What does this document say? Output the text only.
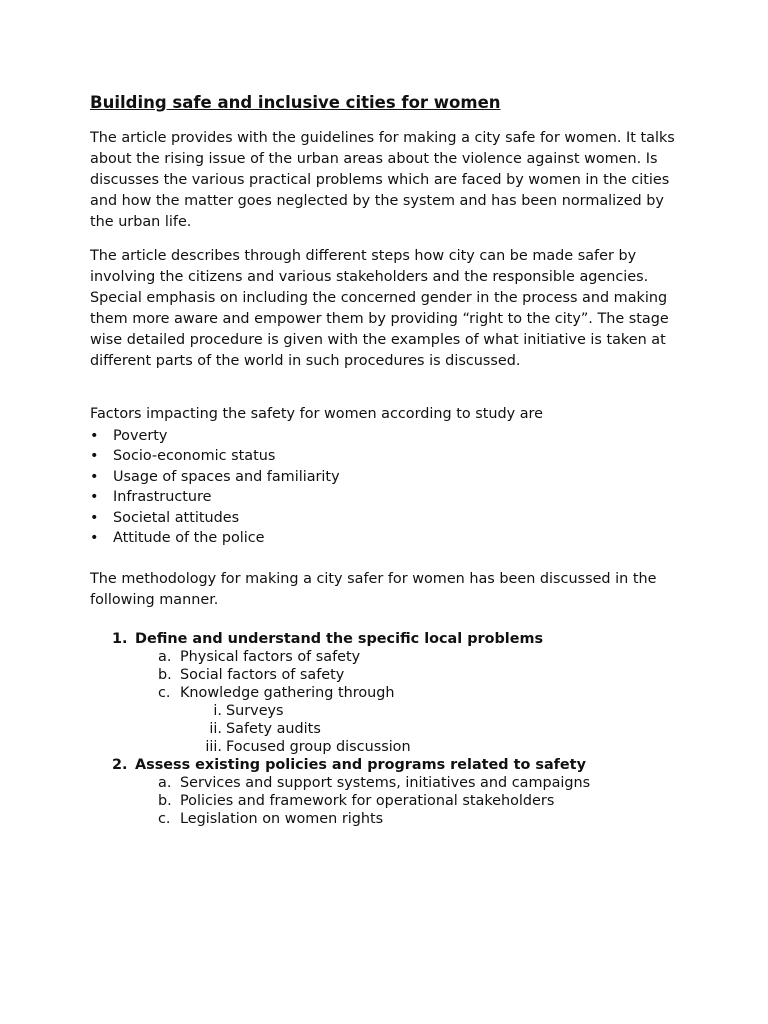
Building safe and inclusive cities for women

The article provides with the guidelines for making a city safe for women. It talks about the rising issue of the urban areas about the violence against women. Is discusses the various practical problems which are faced by women in the cities and how the matter goes neglected by the system and has been normalized by the urban life.

The article describes through different steps how city can be made safer by involving the citizens and various stakeholders and the responsible agencies. Special emphasis on including the concerned gender in the process and making them more aware and empower them by providing “right to the city”. The stage wise detailed procedure is given with the examples of what initiative is taken at different parts of the world in such procedures is discussed.

Factors impacting the safety for women according to study are

• Poverty
• Socio-economic status
• Usage of spaces and familiarity
• Infrastructure
• Societal attitudes
• Attitude of the police

The methodology for making a city safer for women has been discussed in the following manner.

1. Define and understand the specific local problems
a. Physical factors of safety
b. Social factors of safety
c. Knowledge gathering through
i. Surveys
ii. Safety audits
iii. Focused group discussion
2. Assess existing policies and programs related to safety
a. Services and support systems, initiatives and campaigns
b. Policies and framework for operational stakeholders
c. Legislation on women rights
